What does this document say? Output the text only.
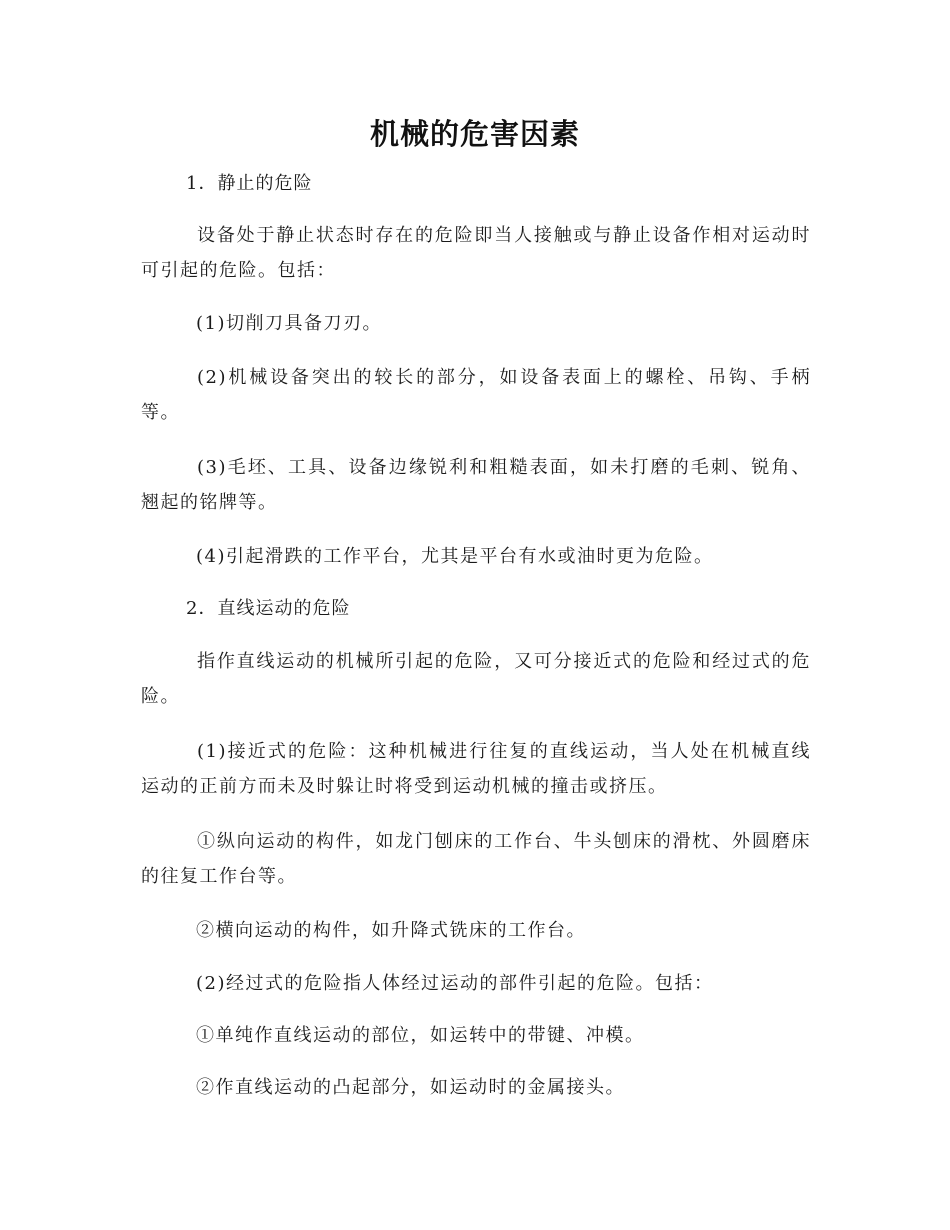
机械的危害因素
1．静止的危险
设备处于静止状态时存在的危险即当人接触或与静止设备作相对运动时可引起的危险。包括：
(1)切削刀具备刀刃。
(2)机械设备突出的较长的部分，如设备表面上的螺栓、吊钩、手柄等。
(3)毛坯、工具、设备边缘锐利和粗糙表面，如未打磨的毛刺、锐角、翘起的铭牌等。
(4)引起滑跌的工作平台，尤其是平台有水或油时更为危险。
2．直线运动的危险
指作直线运动的机械所引起的危险，又可分接近式的危险和经过式的危险。
(1)接近式的危险：这种机械进行往复的直线运动，当人处在机械直线运动的正前方而未及时躲让时将受到运动机械的撞击或挤压。
①纵向运动的构件，如龙门刨床的工作台、牛头刨床的滑枕、外圆磨床的往复工作台等。
②横向运动的构件，如升降式铣床的工作台。
(2)经过式的危险指人体经过运动的部件引起的危险。包括：
①单纯作直线运动的部位，如运转中的带键、冲模。
②作直线运动的凸起部分，如运动时的金属接头。
